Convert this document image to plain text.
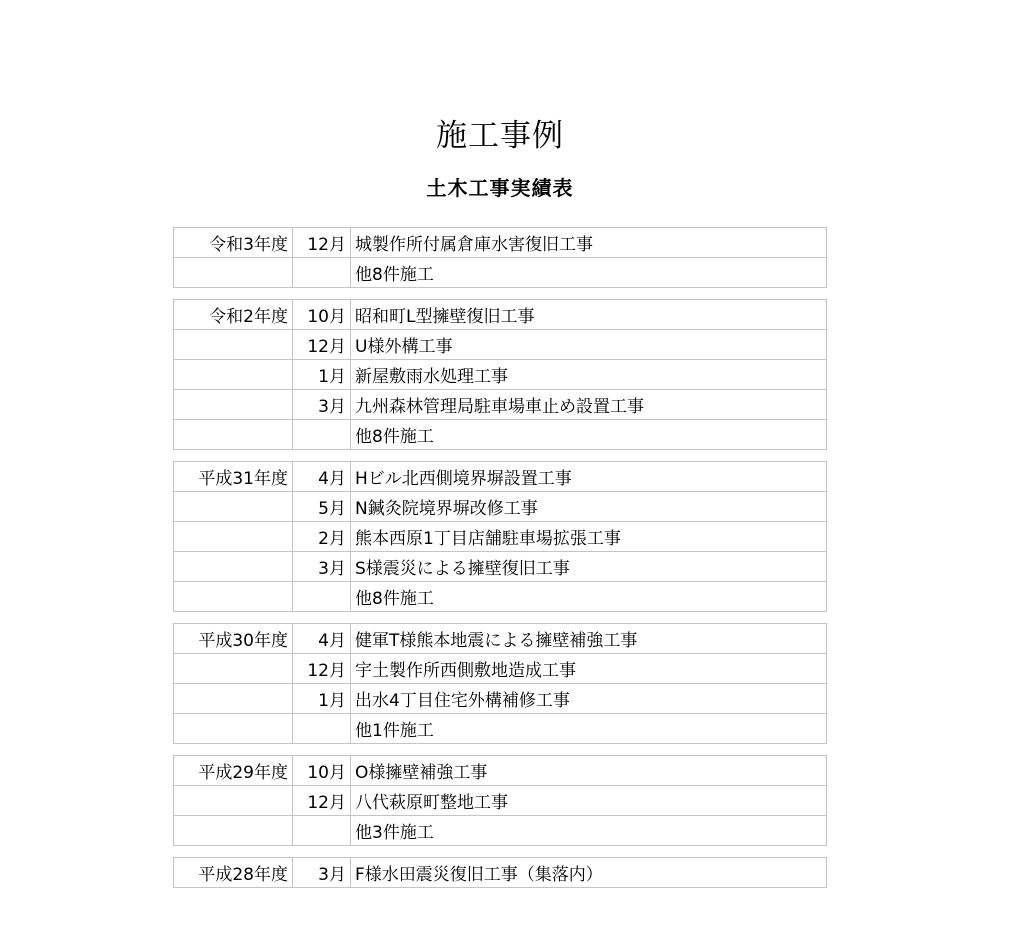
施工事例
土木工事実績表
令和3年度	12月	城製作所付属倉庫水害復旧工事
		他8件施工
令和2年度	10月	昭和町L型擁壁復旧工事
	12月	U様外構工事
	1月	新屋敷雨水処理工事
	3月	九州森林管理局駐車場車止め設置工事
		他8件施工
平成31年度	4月	Hビル北西側境界塀設置工事
	5月	N鍼灸院境界塀改修工事
	2月	熊本西原1丁目店舗駐車場拡張工事
	3月	S様震災による擁壁復旧工事
		他8件施工
平成30年度	4月	健軍T様熊本地震による擁壁補強工事
	12月	宇土製作所西側敷地造成工事
	1月	出水4丁目住宅外構補修工事
		他1件施工
平成29年度	10月	O様擁壁補強工事
	12月	八代萩原町整地工事
		他3件施工
平成28年度	3月	F様水田震災復旧工事（集落内）
